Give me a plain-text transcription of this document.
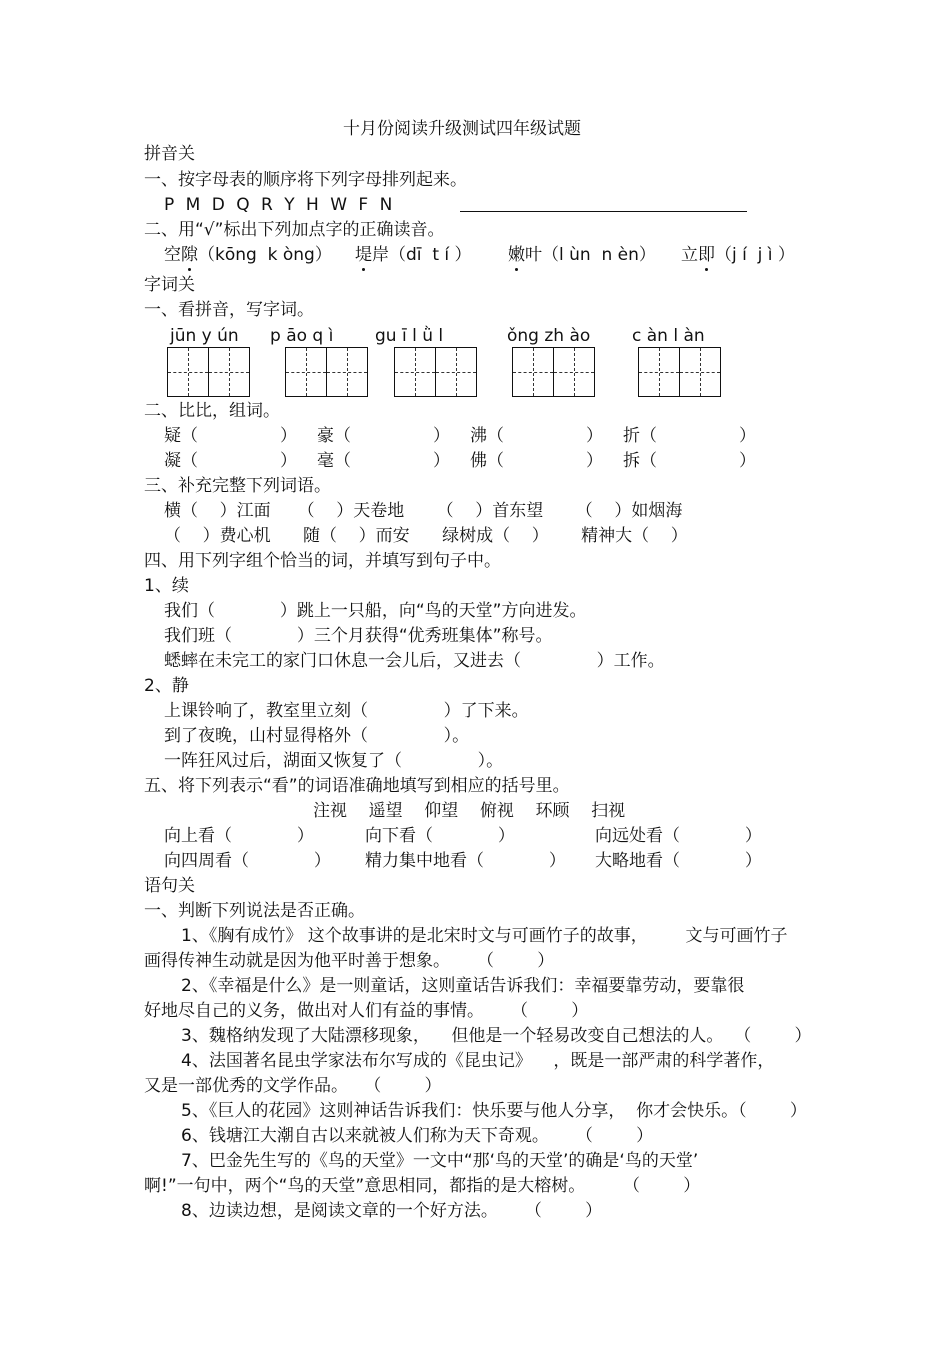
十月份阅读升级测试四年级试题
拼音关
一、按字母表的顺序将下列字母排列起来。
P M D Q R Y H W F N
二、用“√”标出下列加点字的正确读音。
空隙（kōng  k òng） 堤岸（dī  t í ） 嫩叶（l ùn  n èn） 立即（j í  j ì ）
字词关
一、看拼音，写字词。
jūn y ún p āo q ì gu ī l ǜ l	ǒng zh ào c àn l àn
二、比比，组词。
疑（	） 豪（	） 沸（	） 折（	）
凝（	） 毫（	） 佛（	） 拆（	）
三、补充完整下列词语。
横（    ）江面     （    ）天卷地      （    ）首东望      （    ）如烟海
（    ）费心机      随（    ）而安      绿树成（    ）      精神大（    ）
四、用下列字组个恰当的词，并填写到句子中。
1、续
我们（            ）跳上一只船，向“鸟的天堂”方向进发。
我们班（            ）三个月获得“优秀班集体”称号。
蟋蟀在未完工的家门口休息一会儿后，又进去（              ）工作。
2、静
上课铃响了，教室里立刻（              ）了下来。
到了夜晚，山村显得格外（              ）。
一阵狂风过后，湖面又恢复了（              ）。
五、将下列表示“看”的词语准确地填写到相应的括号里。
注视    遥望    仰望    俯视    环顾    扫视
向上看（            ）	向下看（            ）	向远处看（            ）
向四周看（            ） 精力集中地看（            ） 大略地看（            ）
语句关
一、判断下列说法是否正确。
1、《胸有成竹》 这个故事讲的是北宋时文与可画竹子的故事，       文与可画竹子
画得传神生动就是因为他平时善于想象。     （        ）
2、《幸福是什么》是一则童话，这则童话告诉我们：幸福要靠劳动，要靠很
好地尽自己的义务，做出对人们有益的事情。     （        ）
3、魏格纳发现了大陆漂移现象，    但他是一个轻易改变自己想法的人。  （        ）
4、法国著名昆虫学家法布尔写成的《昆虫记》    ，既是一部严肃的科学著作，
又是一部优秀的文学作品。   （        ）
5、《巨人的花园》这则神话告诉我们：快乐要与他人分享，  你才会快乐。（        ）
6、钱塘江大潮自古以来就被人们称为天下奇观。     （        ）
7、巴金先生写的《鸟的天堂》一文中“那‘鸟的天堂’的确是‘鸟的天堂’
啊!”一句中，两个“鸟的天堂”意思相同，都指的是大榕树。       （        ）
8、边读边想，是阅读文章的一个好方法。     （        ）
